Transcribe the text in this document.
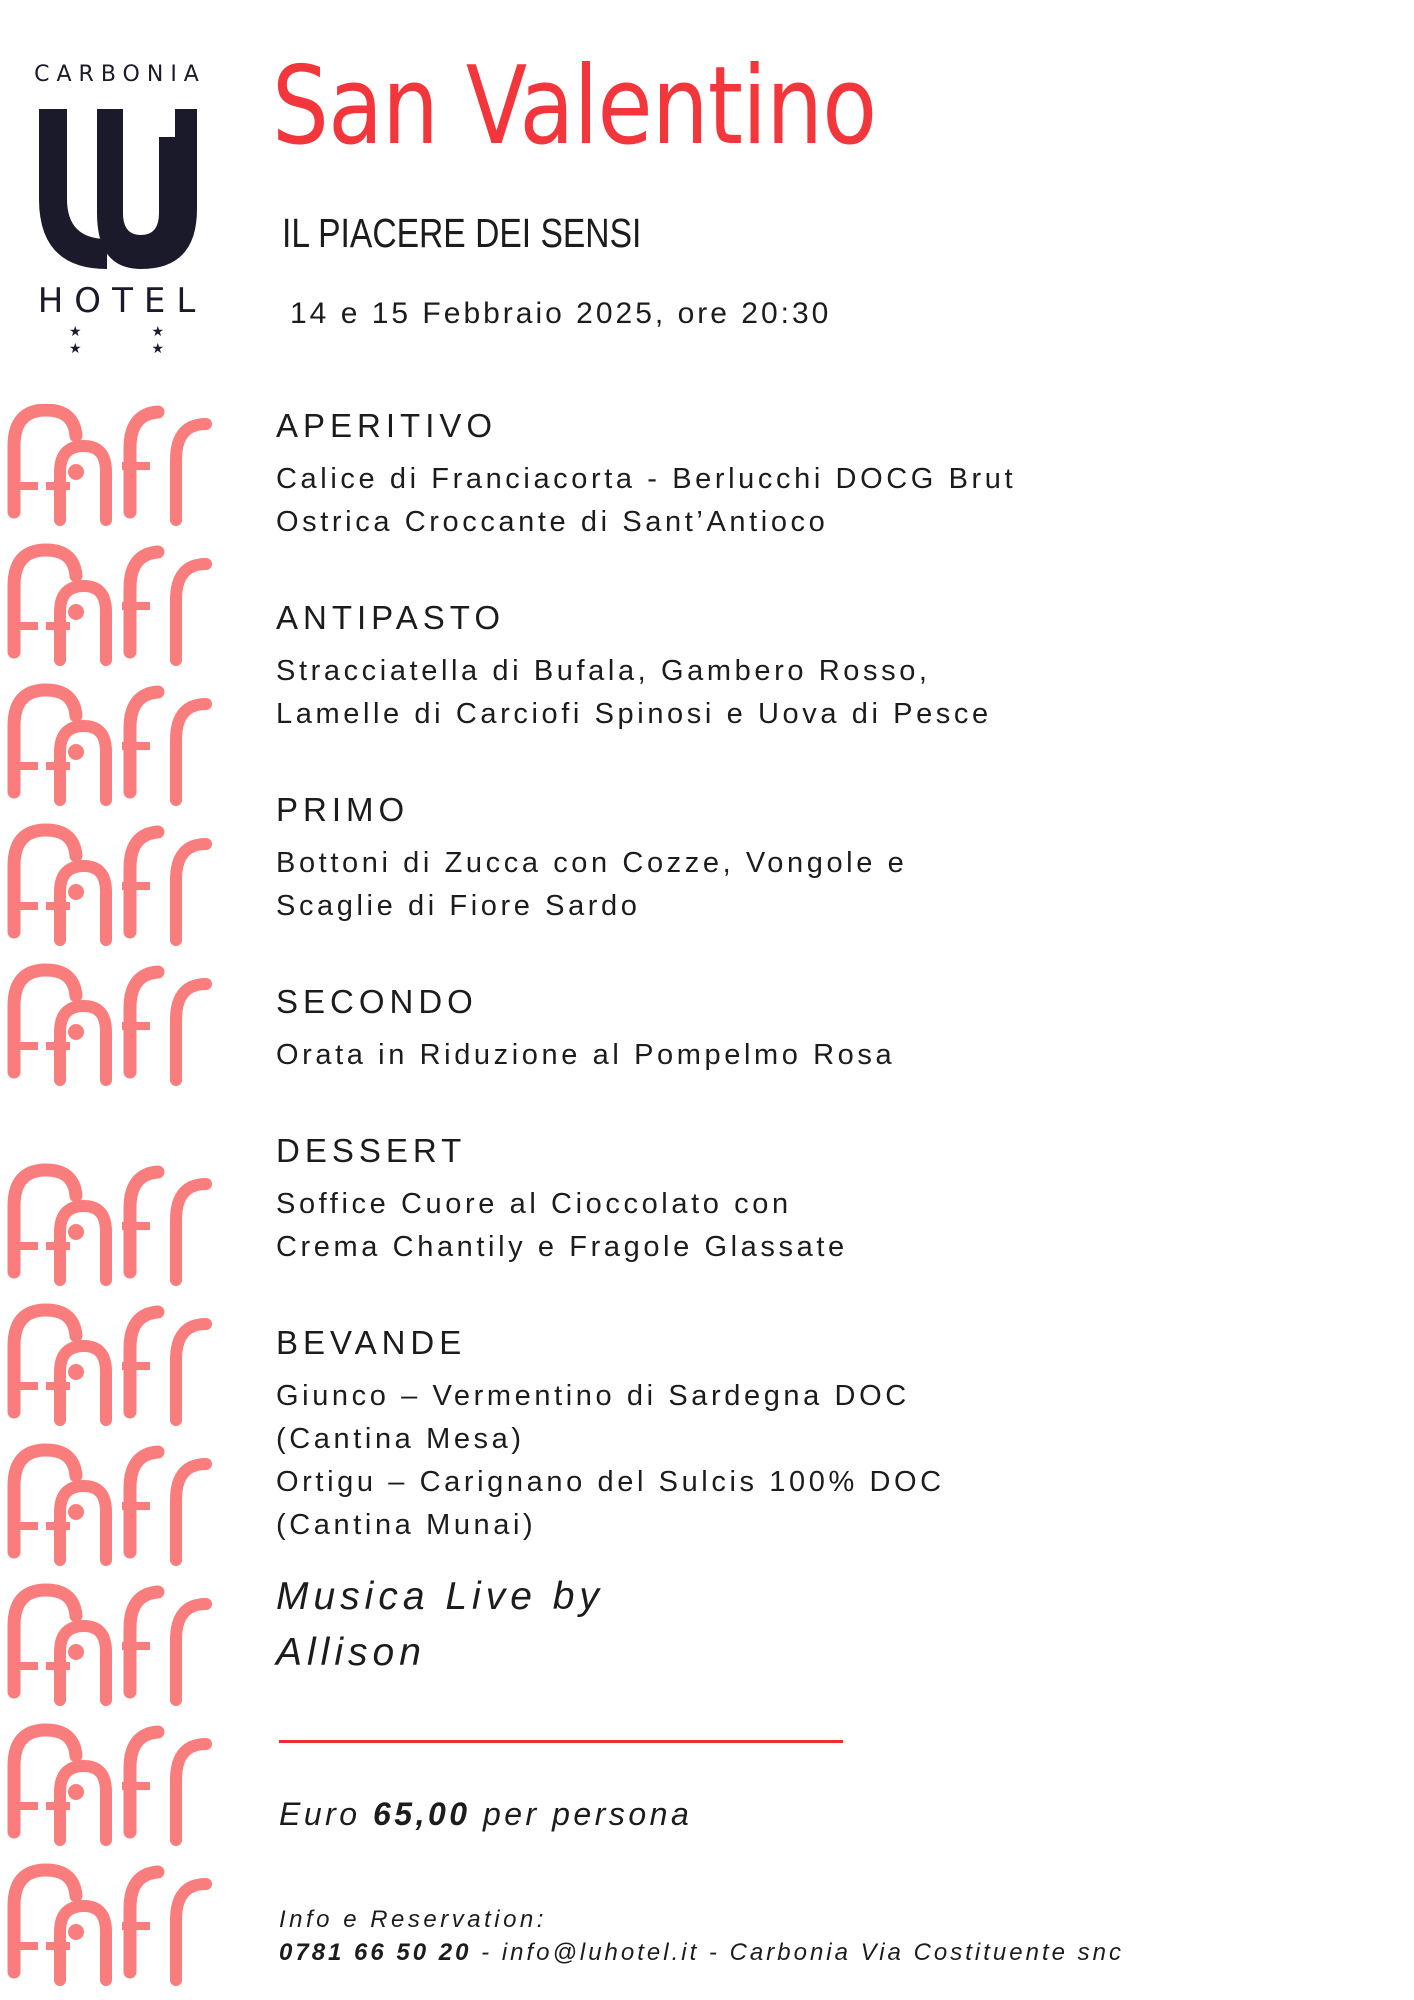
CARBONIA
HOTEL
★ ★ ★ ★
San Valentino
IL PIACERE DEI SENSI
14 e 15 Febbraio 2025, ore 20:30
APERITIVO
Calice di Franciacorta - Berlucchi DOCG Brut
Ostrica Croccante di Sant’Antioco
ANTIPASTO
Stracciatella di Bufala, Gambero Rosso,
Lamelle di Carciofi Spinosi e Uova di Pesce
PRIMO
Bottoni di Zucca con Cozze, Vongole e
Scaglie di Fiore Sardo
SECONDO
Orata in Riduzione al Pompelmo Rosa
DESSERT
Soffice Cuore al Cioccolato con
Crema Chantily e Fragole Glassate
BEVANDE
Giunco – Vermentino di Sardegna DOC
(Cantina Mesa)
Ortigu – Carignano del Sulcis 100% DOC
(Cantina Munai)
Musica Live by
Allison
Euro 65,00 per persona
Info e Reservation:
0781 66 50 20 - info@luhotel.it - Carbonia Via Costituente snc
